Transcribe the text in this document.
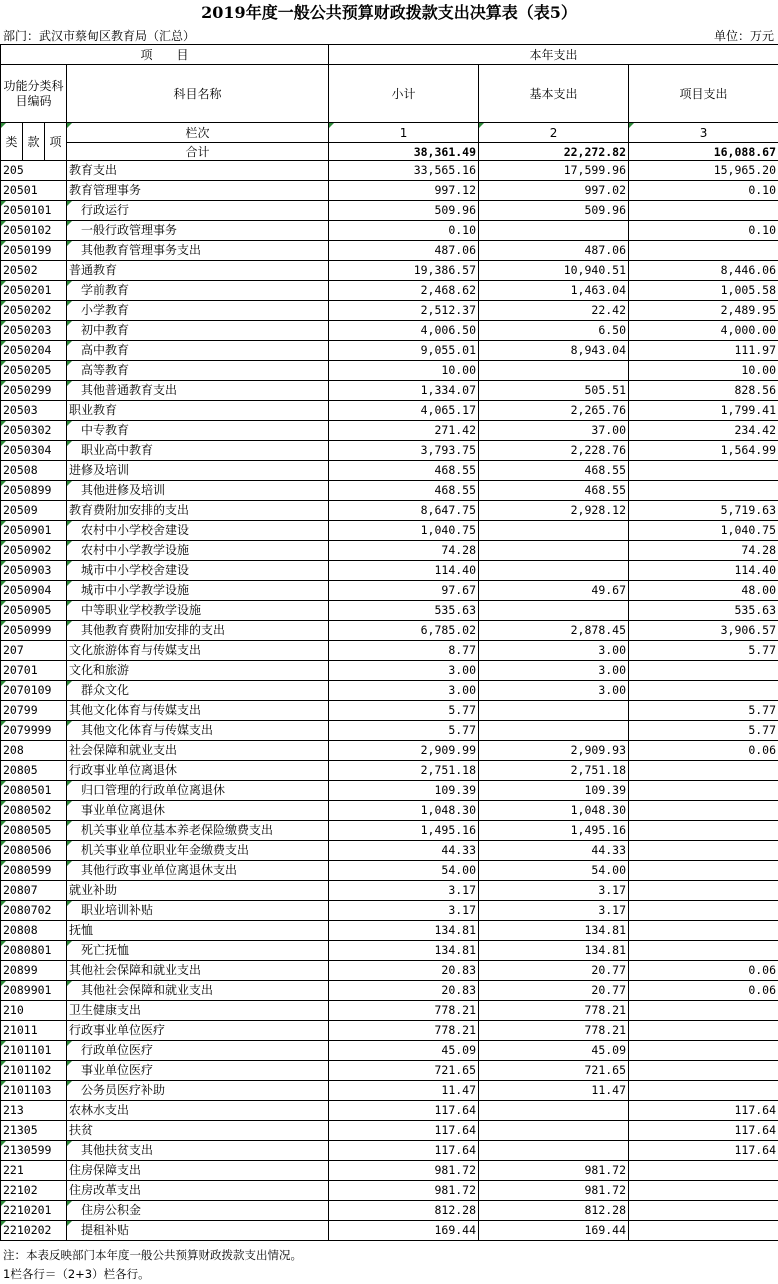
2019年度一般公共预算财政拨款支出决算表（表5）
部门：武汉市蔡甸区教育局（汇总）	单位：万元
项　　目				本年支出		
功能分类科目编码			科目名称	小计	基本支出	项目支出
类	款	项	栏次	1	2	3
			合计	38,361.49	22,272.82	16,088.67
205			教育支出	33,565.16	17,599.96	15,965.20
20501			教育管理事务	997.12	997.02	0.10
2050101			行政运行	509.96	509.96	
2050102			一般行政管理事务	0.10		0.10
2050199			其他教育管理事务支出	487.06	487.06	
20502			普通教育	19,386.57	10,940.51	8,446.06
2050201			学前教育	2,468.62	1,463.04	1,005.58
2050202			小学教育	2,512.37	22.42	2,489.95
2050203			初中教育	4,006.50	6.50	4,000.00
2050204			高中教育	9,055.01	8,943.04	111.97
2050205			高等教育	10.00		10.00
2050299			其他普通教育支出	1,334.07	505.51	828.56
20503			职业教育	4,065.17	2,265.76	1,799.41
2050302			中专教育	271.42	37.00	234.42
2050304			职业高中教育	3,793.75	2,228.76	1,564.99
20508			进修及培训	468.55	468.55	
2050899			其他进修及培训	468.55	468.55	
20509			教育费附加安排的支出	8,647.75	2,928.12	5,719.63
2050901			农村中小学校舍建设	1,040.75		1,040.75
2050902			农村中小学教学设施	74.28		74.28
2050903			城市中小学校舍建设	114.40		114.40
2050904			城市中小学教学设施	97.67	49.67	48.00
2050905			中等职业学校教学设施	535.63		535.63
2050999			其他教育费附加安排的支出	6,785.02	2,878.45	3,906.57
207			文化旅游体育与传媒支出	8.77	3.00	5.77
20701			文化和旅游	3.00	3.00	
2070109			群众文化	3.00	3.00	
20799			其他文化体育与传媒支出	5.77		5.77
2079999			其他文化体育与传媒支出	5.77		5.77
208			社会保障和就业支出	2,909.99	2,909.93	0.06
20805			行政事业单位离退休	2,751.18	2,751.18	
2080501			归口管理的行政单位离退休	109.39	109.39	
2080502			事业单位离退休	1,048.30	1,048.30	
2080505			机关事业单位基本养老保险缴费支出	1,495.16	1,495.16	
2080506			机关事业单位职业年金缴费支出	44.33	44.33	
2080599			其他行政事业单位离退休支出	54.00	54.00	
20807			就业补助	3.17	3.17	
2080702			职业培训补贴	3.17	3.17	
20808			抚恤	134.81	134.81	
2080801			死亡抚恤	134.81	134.81	
20899			其他社会保障和就业支出	20.83	20.77	0.06
2089901			其他社会保障和就业支出	20.83	20.77	0.06
210			卫生健康支出	778.21	778.21	
21011			行政事业单位医疗	778.21	778.21	
2101101			行政单位医疗	45.09	45.09	
2101102			事业单位医疗	721.65	721.65	
2101103			公务员医疗补助	11.47	11.47	
213			农林水支出	117.64		117.64
21305			扶贫	117.64		117.64
2130599			其他扶贫支出	117.64		117.64
221			住房保障支出	981.72	981.72	
22102			住房改革支出	981.72	981.72	
2210201			住房公积金	812.28	812.28	
2210202			提租补贴	169.44	169.44	
注：本表反映部门本年度一般公共预算财政拨款支出情况。
1栏各行＝（2+3）栏各行。
